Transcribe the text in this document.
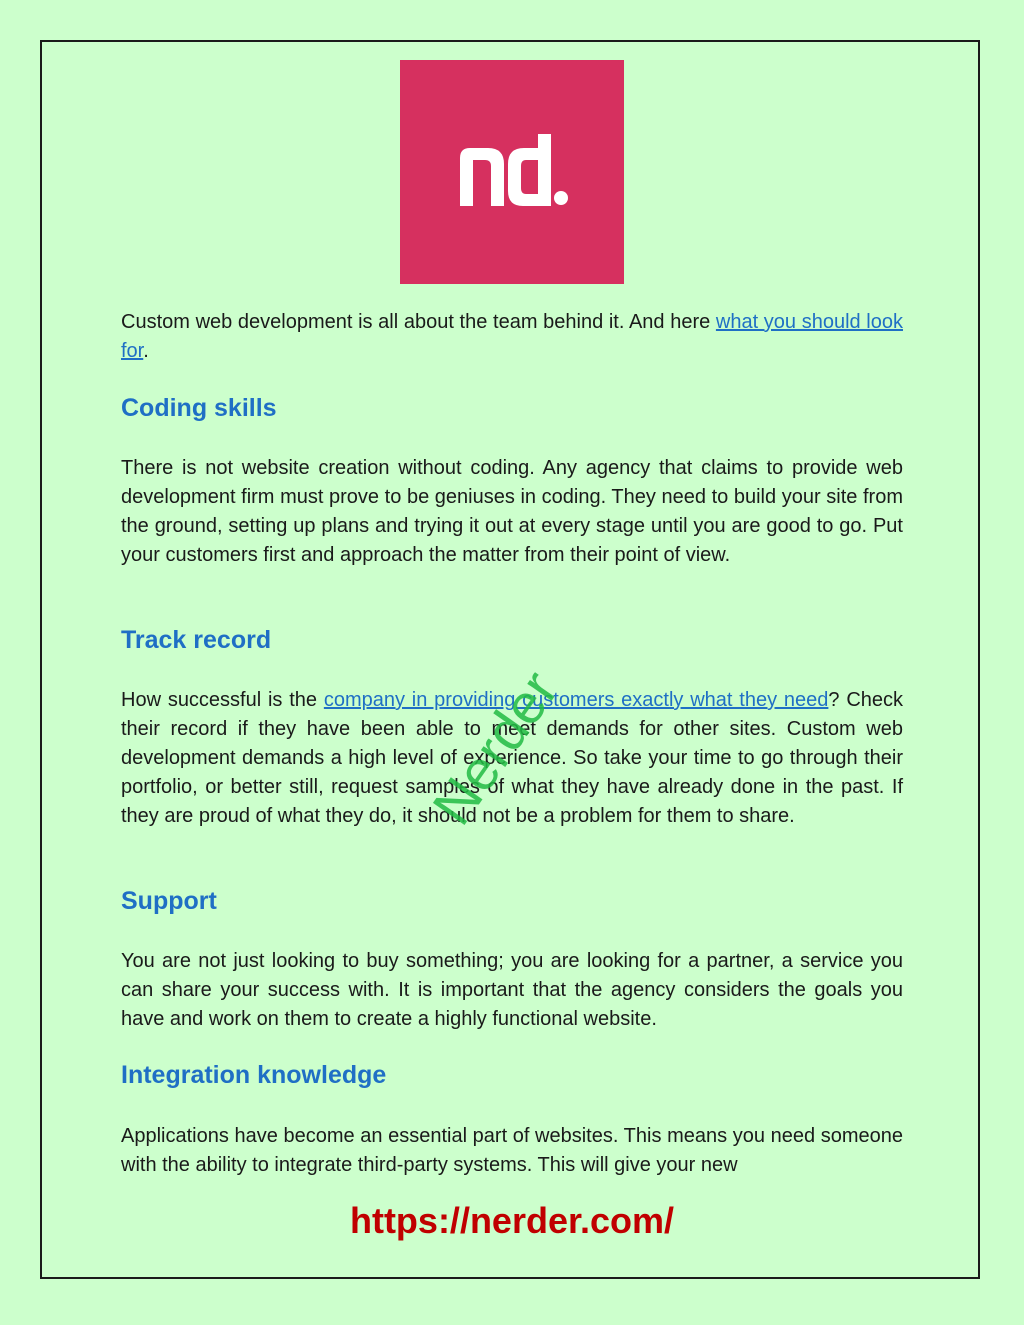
Custom web development is all about the team behind it. And here what you should look for.

Coding skills

There is not website creation without coding. Any agency that claims to provide web development firm must prove to be geniuses in coding. They need to build your site from the ground, setting up plans and trying it out at every stage until you are good to go. Put your customers first and approach the matter from their point of view.

Track record

How successful is the company in providing customers exactly what they need? Check their record if they have been able to meet demands for other sites. Custom web development demands a high level of experience. So take your time to go through their portfolio, or better still, request samples of what they have already done in the past. If they are proud of what they do, it should not be a problem for them to share.

Support

You are not just looking to buy something; you are looking for a partner, a service you can share your success with. It is important that the agency considers the goals you have and work on them to create a highly functional website.

Integration knowledge

Applications have become an essential part of websites. This means you need someone with the ability to integrate third-party systems. This will give your new

Nerder
https://nerder.com/
